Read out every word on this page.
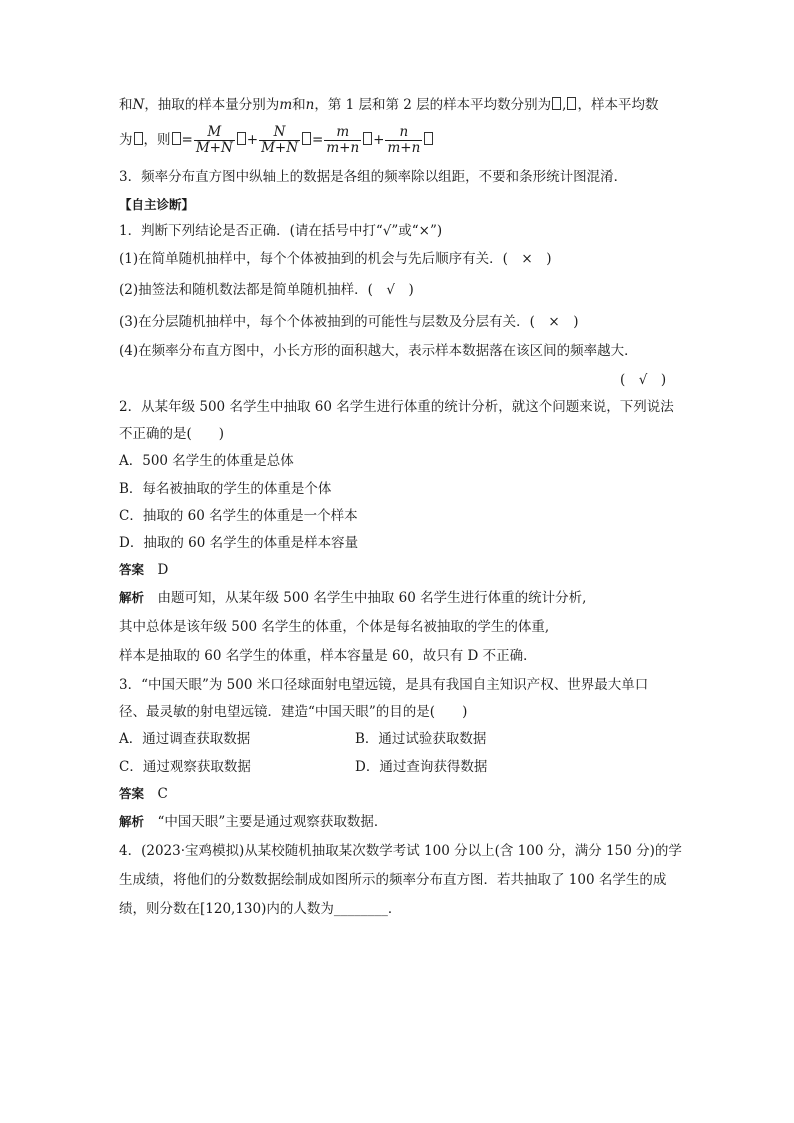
和N，抽取的样本量分别为m和n，第 1 层和第 2 层的样本平均数分别为 , ，样本平均数
为 ，则 = $\frac{M}{M+N} + \frac{N}{M+N} = \frac{m}{m+n} + \frac{n}{m+n}$
3．频率分布直方图中纵轴上的数据是各组的频率除以组距，不要和条形统计图混淆．
【自主诊断】
1．判断下列结论是否正确．(请在括号中打“√”或“×”)
(1)在简单随机抽样中，每个个体被抽到的机会与先后顺序有关．(　×　)
(2)抽签法和随机数法都是简单随机抽样．(　√　)
(3)在分层随机抽样中，每个个体被抽到的可能性与层数及分层有关．(　×　)
(4)在频率分布直方图中，小长方形的面积越大，表示样本数据落在该区间的频率越大．
(　√　)
2．从某年级 500 名学生中抽取 60 名学生进行体重的统计分析，就这个问题来说，下列说法
不正确的是(　　)
A．500 名学生的体重是总体
B．每名被抽取的学生的体重是个体
C．抽取的 60 名学生的体重是一个样本
D．抽取的 60 名学生的体重是样本容量
答案　 D
解析　 由题可知，从某年级 500 名学生中抽取 60 名学生进行体重的统计分析,
其中总体是该年级 500 名学生的体重，个体是每名被抽取的学生的体重,
样本是抽取的 60 名学生的体重，样本容量是 60，故只有 D 不正确．
3．“中国天眼”为 500 米口径球面射电望远镜，是具有我国自主知识产权、世界最大单口
径、最灵敏的射电望远镜．建造“中国天眼”的目的是(　　)
A．通过调查获取数据	B．通过试验获取数据
C．通过观察获取数据	D．通过查询获得数据
答案　 C
解析　 “中国天眼”主要是通过观察获取数据．
4．(2023·宝鸡模拟)从某校随机抽取某次数学考试 100 分以上(含 100 分，满分 150 分)的学
生成绩，将他们的分数数据绘制成如图所示的频率分布直方图．若共抽取了 100 名学生的成
绩，则分数在[120,130)内的人数为________．
